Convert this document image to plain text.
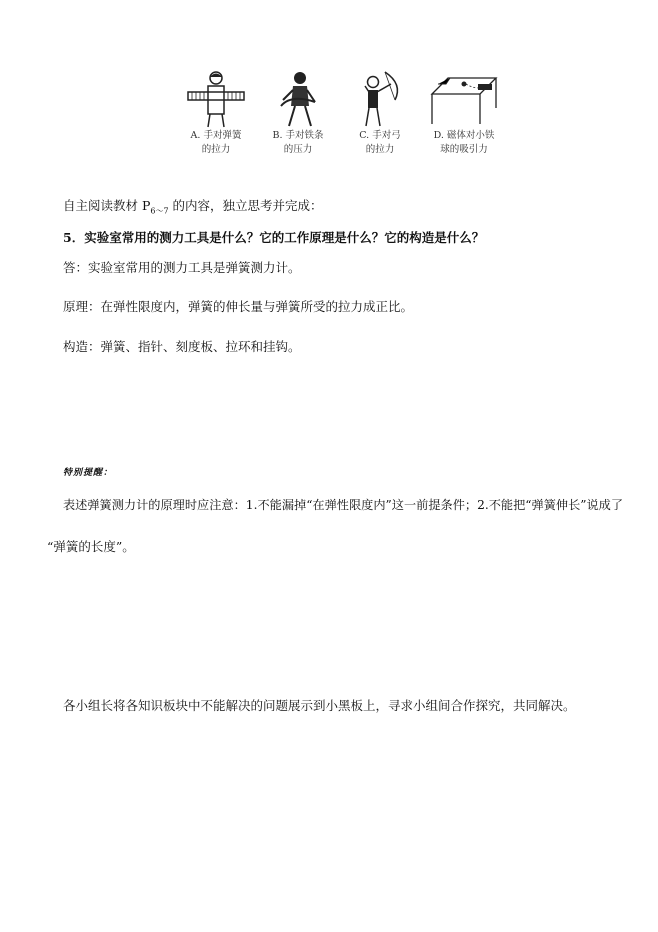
A. 手对弹簧
的拉力
B. 手对铁条
的压力
C. 手对弓
的拉力
D. 磁体对小铁
球的吸引力
自主阅读教材 $P_{6\sim 7}$ 的内容，独立思考并完成：
5．实验室常用的测力工具是什么？它的工作原理是什么？它的构造是什么？
答：实验室常用的测力工具是弹簧测力计。
原理：在弹性限度内，弹簧的伸长量与弹簧所受的拉力成正比。
构造：弹簧、指针、刻度板、拉环和挂钩。
特别提醒：
表述弹簧测力计的原理时应注意：1.不能漏掉“在弹性限度内”这一前提条件；2.不能把“弹簧伸长”说成了
“弹簧的长度”。
各小组长将各知识板块中不能解决的问题展示到小黑板上，寻求小组间合作探究，共同解决。
